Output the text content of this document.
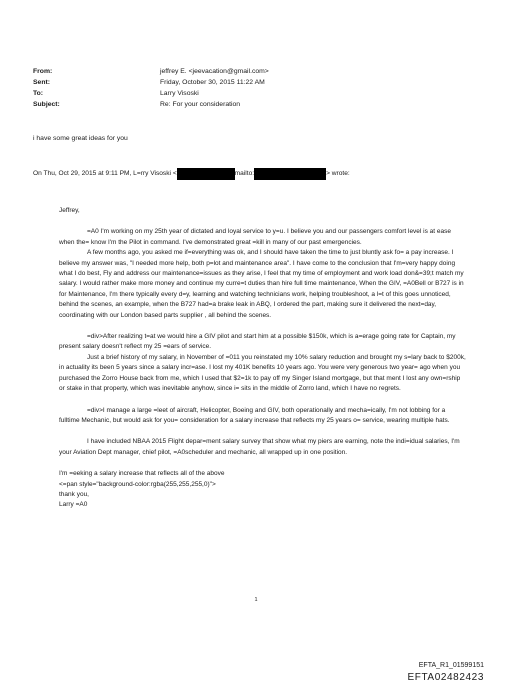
From:	jeffrey E. <jeevacation@gmail.com>
Sent:	Friday, October 30, 2015 11:22 AM
To:	Larry Visoski
Subject:	Re: For your consideration
i have some great ideas for you
On Thu, Oct 29, 2015 at 9:11 PM, L=rry Visoski <	mailto:	> wrote:

Jeffrey,

=A0 I'm working on my 25th year of dictated and loyal service to y=u. I believe you and our passengers comfort level is at ease when the= know I'm the Pilot in command. I've demonstrated great =kill in many of our past emergencies.

A few months ago, you asked me if=everything was ok, and I should have taken the time to just bluntly ask fo= a pay increase. I believe my answer was, "I needed more help, both p=lot and maintenance area". I have come to the conclusion that I'm=very happy doing what I do best, Fly and address our maintenance=issues as they arise, I feel that my time of employment and work load don&=39;t match my salary. I would rather make more money and continue my curre=t duties than hire full time maintenance, When the GIV, =A0Bell or B727 is in for Maintenance, I'm there typically every d=y, learning and watching technicians work, helping troubleshoot, a l=t of this goes unnoticed, behind the scenes, an example, when the B727 had=a brake leak in ABQ, I ordered the part, making sure it delivered the next=day, coordinating with our London based parts supplier , all behind the scenes.

=div>After realizing t=at we would hire a GIV pilot and start him at a possible $150k, which is a=erage going rate for Captain, my present salary doesn't reflect my 25 =ears of service.

Just a brief history of my salary, in November of =011 you reinstated my 10% salary reduction and brought my s=lary back to $200k, in actuality its been 5 years since a salary incr=ase. I lost my 401K benefits 10 years ago. You were very generous two year= ago when you purchased the Zorro House back from me, which I used that $2=1k to pay off my Singer Island mortgage, but that ment I lost any own=rship or stake in that property, which was inevitable anyhow, since i= sits in the middle of Zorro land, which I have no regrets.

=div>I manage a large =leet of aircraft, Helicopter, Boeing and GIV, both operationally and mecha=ically, I'm not lobbing for a fulltime Mechanic, but would ask for you= consideration for a salary increase that reflects my 25 years o= service, wearing multiple hats.

I have included NBAA 2015 Flight depar=ment salary survey that show what my piers are earning, note the indi=idual salaries, I'm your Aviation Dept manager, chief pilot, =A0scheduler and mechanic, all wrapped up in one position.

I'm =eeking a salary increase that reflects all of the above

<=pan style="background-color:rgba(255,255,255,0)">

thank you,

Larry =A0

1
EFTA_R1_01599151
EFTA02482423
